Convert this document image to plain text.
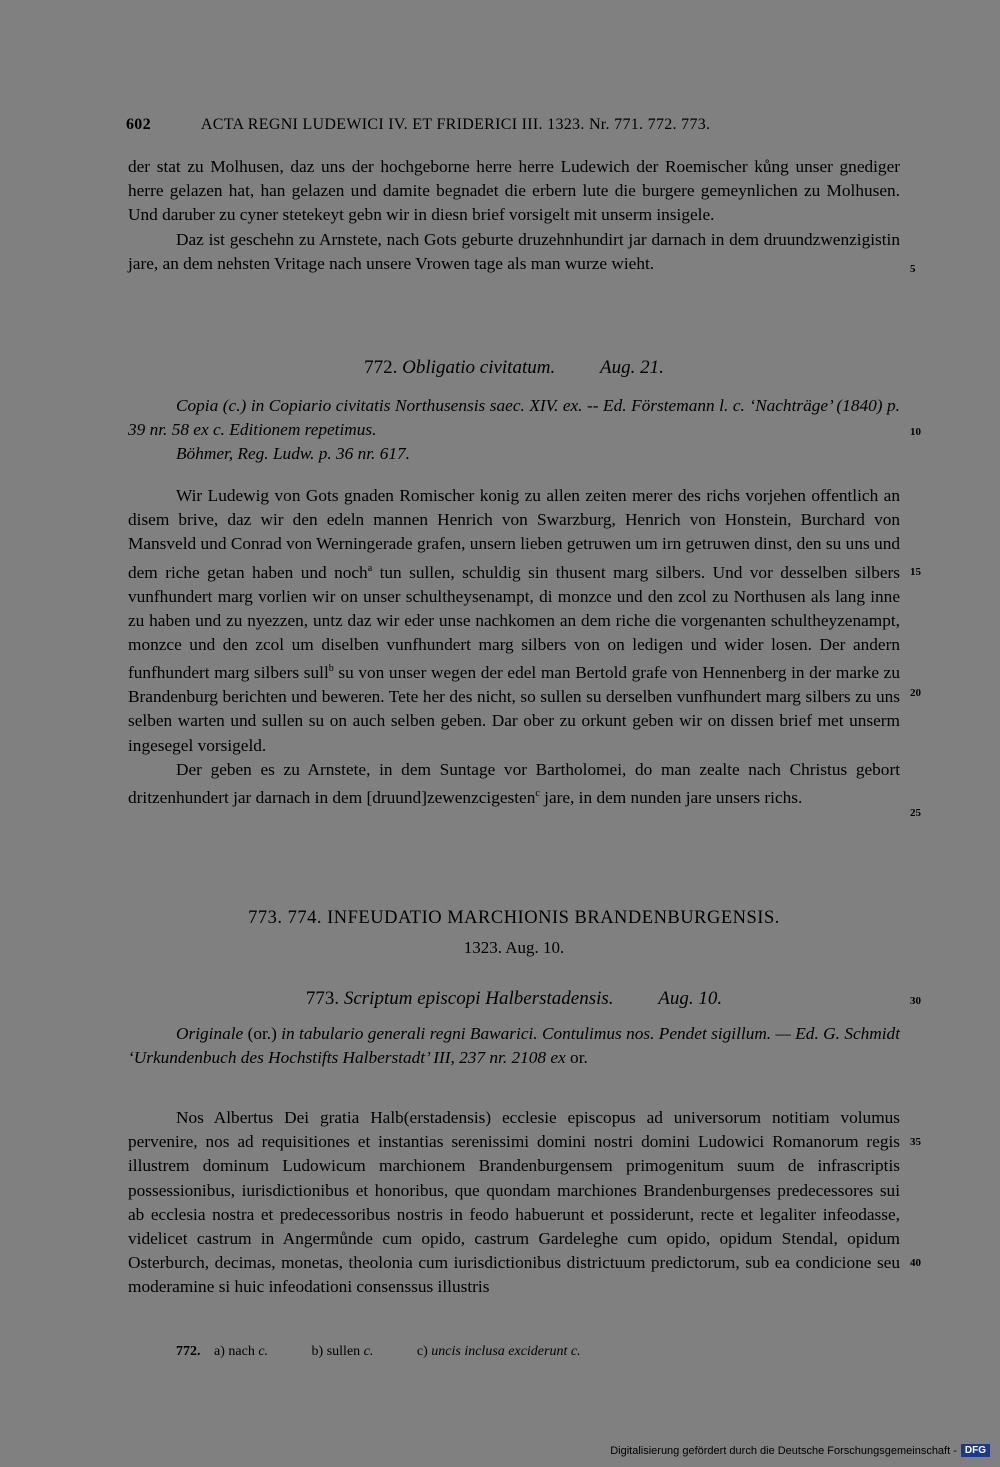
602	ACTA REGNI LUDEWICI IV. ET FRIDERICI III. 1323. Nr. 771. 772. 773.

der stat zu Molhusen, daz uns der hochgeborne herre herre Ludewich der Roemischer kůng unser gnediger herre gelazen hat, han gelazen und damite begnadet die erbern lute die burgere gemeynlichen zu Molhusen. Und daruber zu cyner stetekeyt gebn wir in diesn brief vorsigelt mit unserm insigele.

Daz ist geschehn zu Arnstete, nach Gots geburte druzehnhundirt jar darnach in dem druundzwenzigistin jare, an dem nehsten Vritage nach unsere Vrowen tage als man wurze wieht.

772. Obligatio civitatum. Aug. 21.

Copia (c.) in Copiario civitatis Northusensis saec. XIV. ex. -- Ed. Förstemann l. c. ‘Nachträge’ (1840) p. 39 nr. 58 ex c. Editionem repetimus.

Böhmer, Reg. Ludw. p. 36 nr. 617.

Wir Ludewig von Gots gnaden Romischer konig zu allen zeiten merer des richs vorjehen offentlich an disem brive, daz wir den edeln mannen Henrich von Swarzburg, Henrich von Honstein, Burchard von Mansveld und Conrad von Werningerade grafen, unsern lieben getruwen um irn getruwen dinst, den su uns und dem riche getan haben und noch$^a$ tun sullen, schuldig sin thusent marg silbers. Und vor desselben silbers vunfhundert marg vorlien wir on unser schultheysenampt, di monzce und den zcol zu Northusen als lang inne zu haben und zu nyezzen, untz daz wir eder unse nachkomen an dem riche die vorgenanten schultheyzenampt, monzce und den zcol um diselben vunfhundert marg silbers von on ledigen und wider losen. Der andern funfhundert marg silbers sull$^b$ su von unser wegen der edel man Bertold grafe von Hennenberg in der marke zu Brandenburg berichten und beweren. Tete her des nicht, so sullen su derselben vunfhundert marg silbers zu uns selben warten und sullen su on auch selben geben. Dar ober zu orkunt geben wir on dissen brief met unserm ingesegel vorsigeld.

Der geben es zu Arnstete, in dem Suntage vor Bartholomei, do man zealte nach Christus gebort dritzenhundert jar darnach in dem [druund]zewenzcigesten$^c$ jare, in dem nunden jare unsers richs.

773. 774. INFEUDATIO MARCHIONIS BRANDENBURGENSIS.
1323. Aug. 10.
773. Scriptum episcopi Halberstadensis. Aug. 10.

Originale (or.) in tabulario generali regni Bawarici. Contulimus nos. Pendet sigillum. — Ed. G. Schmidt ‘Urkundenbuch des Hochstifts Halberstadt’ III, 237 nr. 2108 ex or.

Nos Albertus Dei gratia Halb(erstadensis) ecclesie episcopus ad universorum notitiam volumus pervenire, nos ad requisitiones et instantias serenissimi domini nostri domini Ludowici Romanorum regis illustrem dominum Ludowicum marchionem Brandenburgensem primogenitum suum de infrascriptis possessionibus, iurisdictionibus et honoribus, que quondam marchiones Brandenburgenses predecessores sui ab ecclesia nostra et predecessoribus nostris in feodo habuerunt et possiderunt, recte et legaliter infeodasse, videlicet castrum in Angermůnde cum opido, castrum Gardeleghe cum opido, opidum Stendal, opidum Osterburch, decimas, monetas, theolonia cum iurisdictionibus districtuum predictorum, sub ea condicione seu moderamine si huic infeodationi consenssus illustris

5
10
15
20
25
30
35
40
772. a) nach c.	b) sullen c.	c) uncis inclusa exciderunt c.
Digitalisierung gefördert durch die Deutsche Forschungsgemeinschaft - DFG
